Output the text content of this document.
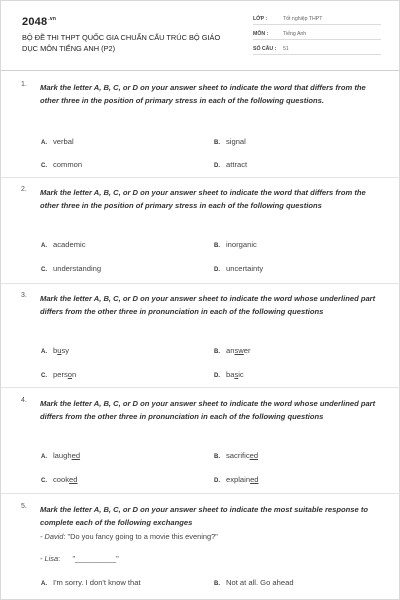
$2048^{.vn}$
BỘ ĐỀ THI THPT QUỐC GIA CHUẨN CẤU TRÚC BỘ GIÁO DỤC MÔN TIẾNG ANH (P2)
LỚP :	Tốt nghiệp THPT
MÔN :	Tiếng Anh
SỐ CÂU : 51
1. Mark the letter A, B, C, or D on your answer sheet to indicate the word that differs from the other three in the position of primary stress in each of the following questions.
A. verbal	B. signal
C. common	D. attract
2. Mark the letter A, B, C, or D on your answer sheet to indicate the word that differs from the other three in the position of primary stress in each of the following questions
A. academic	B. inorganic
C. understanding	D. uncertainty
3. Mark the letter A, B, C, or D on your answer sheet to indicate the word whose underlined part differs from the other three in pronunciation in each of the following questions
A. busy	B. answer
C. person	D. basic
4. Mark the letter A, B, C, or D on your answer sheet to indicate the word whose underlined part differs from the other three in pronunciation in each of the following questions
A. laughed	B. sacrificed
C. cooked	D. explained
5. Mark the letter A, B, C, or D on your answer sheet to indicate the most suitable response to complete each of the following exchanges
- David: "Do you fancy going to a movie this evening?"
- Lisa:      "__________"
A. I'm sorry. I don't know that	B. Not at all. Go ahead
